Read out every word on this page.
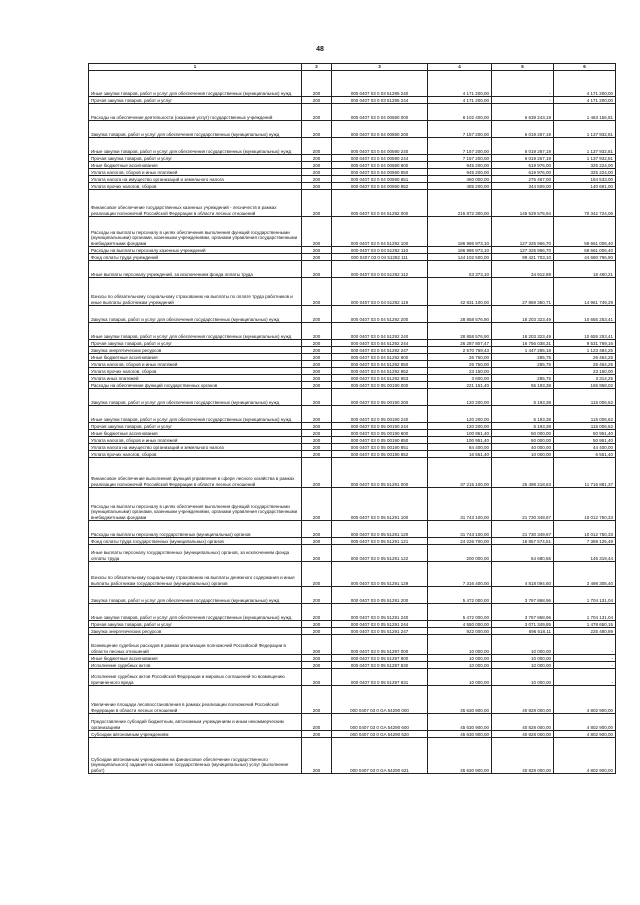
48
1	2	3	4	5	6
Иные закупки товаров, работ и услуг для обеспечения государственных (муниципальных) нужд	200	000 0407 03 0 03 51295 240	4 171 200,00	-	4 171 200,00
Прочая закупка товаров, работ и услуг	200	000 0407 03 0 03 51295 244	4 171 200,00	-	4 171 200,00
Расходы на обеспечение деятельности (оказание услуг) государственных учреждений	200	000 0407 03 0 04 00590 000	8 102 400,00	6 639 243,19	1 463 156,81
Закупка товаров, работ и услуг для обеспечения государственных (муниципальных) нужд	200	000 0407 03 0 04 00590 200	7 157 200,00	6 019 267,19	1 137 932,81
Иные закупки товаров, работ и услуг для обеспечения государственных (муниципальных) нужд	200	000 0407 03 0 04 00590 240	7 157 200,00	6 019 267,19	1 137 932,81
Прочая закупка товаров, работ и услуг	200	000 0407 03 0 04 00590 244	7 157 200,00	6 019 267,19	1 137 932,81
Иные бюджетные ассигнования	200	000 0407 03 0 04 00590 800	945 200,00	619 976,00	325 224,00
Уплата налогов, сборов и иных платежей	200	000 0407 03 0 04 00590 850	945 200,00	619 976,00	325 224,00
Уплата налога на имущество организаций и земельного налога	200	000 0407 03 0 04 00590 851	460 000,00	275 467,00	184 533,00
Уплата прочих налогов, сборов	200	000 0407 03 0 04 00590 852	485 200,00	344 509,00	140 691,00
Финансовое обеспечение государственных казенных учреждений - лесничеств в рамках реализации полномочий Российской Федерации в области лесных отношений	200	000 0407 03 0 04 51292 000	215 872 300,00	145 529 575,94	70 342 724,06
Расходы на выплаты персоналу в целях обеспечения выполнения функций государственными (муниципальными) органами, казенными учреждениями, органами управления государственными внебюджетными фондами	200	000 0407 03 0 04 51292 100	186 986 973,10	127 325 966,70	59 661 006,40
Расходы на выплаты персоналу казенных учреждений	200	000 0407 03 0 04 51292 110	186 986 973,10	127 325 966,70	59 661 006,40
Фонд оплаты труда учреждений	200	000 0407 03 0 04 51292 111	144 102 500,00	99 421 703,10	44 680 796,90
Иные выплаты персоналу учреждений, за исключением фонда оплаты труда	200	000 0407 03 0 04 51292 112	53 373,10	34 912,89	18 460,21
Взносы по обязательному социальному страхованию на выплаты по оплате труда работников и иные выплаты работникам учреждений	200	000 0407 03 0 04 51292 119	42 831 100,00	27 869 350,71	14 961 749,29
Закупка товаров, работ и услуг для обеспечения государственных (муниципальных) нужд	200	000 0407 03 0 04 51292 200	28 858 576,90	18 203 323,49	10 655 253,41
Иные закупки товаров, работ и услуг для обеспечения государственных (муниципальных) нужд	200	000 0407 03 0 04 51292 240	28 858 576,90	18 203 323,49	10 655 253,41
Прочая закупка товаров, работ и услуг	200	000 0407 03 0 04 51292 244	26 287 807,47	16 756 038,31	9 531 769,16
Закупка энергетических ресурсов	200	000 0407 03 0 04 51292 247	2 570 769,43	1 447 285,18	1 123 484,25
Иные бюджетные ассигнования	200	000 0407 03 0 04 51292 800	26 750,00	285,75	26 464,25
Уплата налогов, сборов и иных платежей	200	000 0407 03 0 04 51292 850	26 750,00	285,75	26 464,25
Уплата прочих налогов, сборов	200	000 0407 03 0 04 51292 852	23 150,00	-	23 150,00
Уплата иных платежей	200	000 0407 03 0 04 51292 853	3 600,00	285,75	3 314,25
Расходы на обеспечение функций государственных органов	200	000 0407 03 0 05 00190 000	221 151,40	55 193,38	165 958,02
Закупка товаров, работ и услуг для обеспечения государственных (муниципальных) нужд	200	000 0407 03 0 05 00190 200	120 200,00	5 193,38	115 006,62
Иные закупки товаров, работ и услуг для обеспечения государственных (муниципальных) нужд	200	000 0407 03 0 05 00190 240	120 200,00	5 193,38	115 006,62
Прочая закупка товаров, работ и услуг	200	000 0407 03 0 05 00190 244	120 200,00	5 193,38	115 006,62
Иные бюджетные ассигнования	200	000 0407 03 0 05 00190 800	100 951,40	50 000,00	50 951,40
Уплата налогов, сборов и иных платежей	200	000 0407 03 0 05 00190 850	100 951,40	50 000,00	50 951,40
Уплата налога на имущество организаций и земельного налога	200	000 0407 03 0 05 00190 851	84 400,00	40 000,00	44 400,00
Уплата прочих налогов, сборов	200	000 0407 03 0 05 00190 852	16 551,40	10 000,00	6 551,40
Финансовое обеспечение выполнения функций управления в сфере лесного хозяйства в рамках реализации полномочий Российской Федерации в области лесных отношений	200	000 0407 03 0 05 51291 000	37 215 100,00	25 498 218,63	11 716 881,37
Расходы на выплаты персоналу в целях обеспечения выполнения функций государственными (муниципальными) органами, казенными учреждениями, органами управления государственными внебюджетными фондами	200	000 0407 03 0 05 51291 100	31 743 100,00	21 730 349,67	10 012 750,33
Расходы на выплаты персоналу государственных (муниципальных) органов	200	000 0407 03 0 05 51291 120	31 743 100,00	21 730 349,67	10 012 750,33
Фонд оплаты труда государственных (муниципальных) органов	200	000 0407 03 0 05 51291 121	24 226 700,00	16 857 574,51	7 369 125,49
Иные выплаты персоналу государственных (муниципальных) органов, за исключением фонда оплаты труда	200	000 0407 03 0 05 51291 122	200 000,00	54 680,56	145 319,44
Взносы по обязательному социальному страхованию на выплаты денежного содержания и иные выплаты работникам государственных (муниципальных) органов	200	000 0407 03 0 05 51291 129	7 316 400,00	4 818 094,60	2 498 305,40
Закупка товаров, работ и услуг для обеспечения государственных (муниципальных) нужд	200	000 0407 03 0 05 51291 200	5 472 000,00	3 767 868,96	1 704 131,04
Иные закупки товаров, работ и услуг для обеспечения государственных (муниципальных) нужд	200	000 0407 03 0 05 51291 240	5 472 000,00	3 767 868,96	1 704 131,04
Прочая закупка товаров, работ и услуг	200	000 0407 03 0 05 51291 244	4 550 000,00	3 071 349,85	1 478 650,15
Закупка энергетических ресурсов	200	000 0407 03 0 05 51291 247	922 000,00	696 518,11	225 480,89
Возмещение судебных расходов в рамках реализации полномочий Российской Федерации в области лесных отношений	200	000 0407 03 0 05 51297 000	10 000,00	10 000,00	-
Иные бюджетные ассигнования	200	000 0407 03 0 05 51297 800	10 000,00	10 000,00	-
Исполнение судебных актов	200	000 0407 03 0 05 51297 830	10 000,00	10 000,00	-
Исполнение судебных актов Российской Федерации и мировых соглашений по возмещению причиненного вреда	200	000 0407 03 0 05 51297 831	10 000,00	10 000,00	-
Увеличение площади лесовосстановления в рамках реализации полномочий Российской Федерации в области лесных отношений	200	000 0407 03 0 GA 54290 000	45 630 900,00	40 828 000,00	4 802 900,00
Предоставление субсидий бюджетным, автономным учреждениям и иным некоммерческим организациям	200	000 0407 03 0 GA 54290 600	45 630 900,00	40 828 000,00	4 802 900,00
Субсидии автономным учреждениям	200	000 0407 03 0 GA 54290 620	45 630 900,00	40 828 000,00	4 802 900,00
Субсидии автономным учреждениям на финансовое обеспечение государственного (муниципального) задания на оказание государственных (муниципальных) услуг (выполнение работ)	200	000 0407 03 0 GA 54290 621	45 630 900,00	40 828 000,00	4 802 900,00
